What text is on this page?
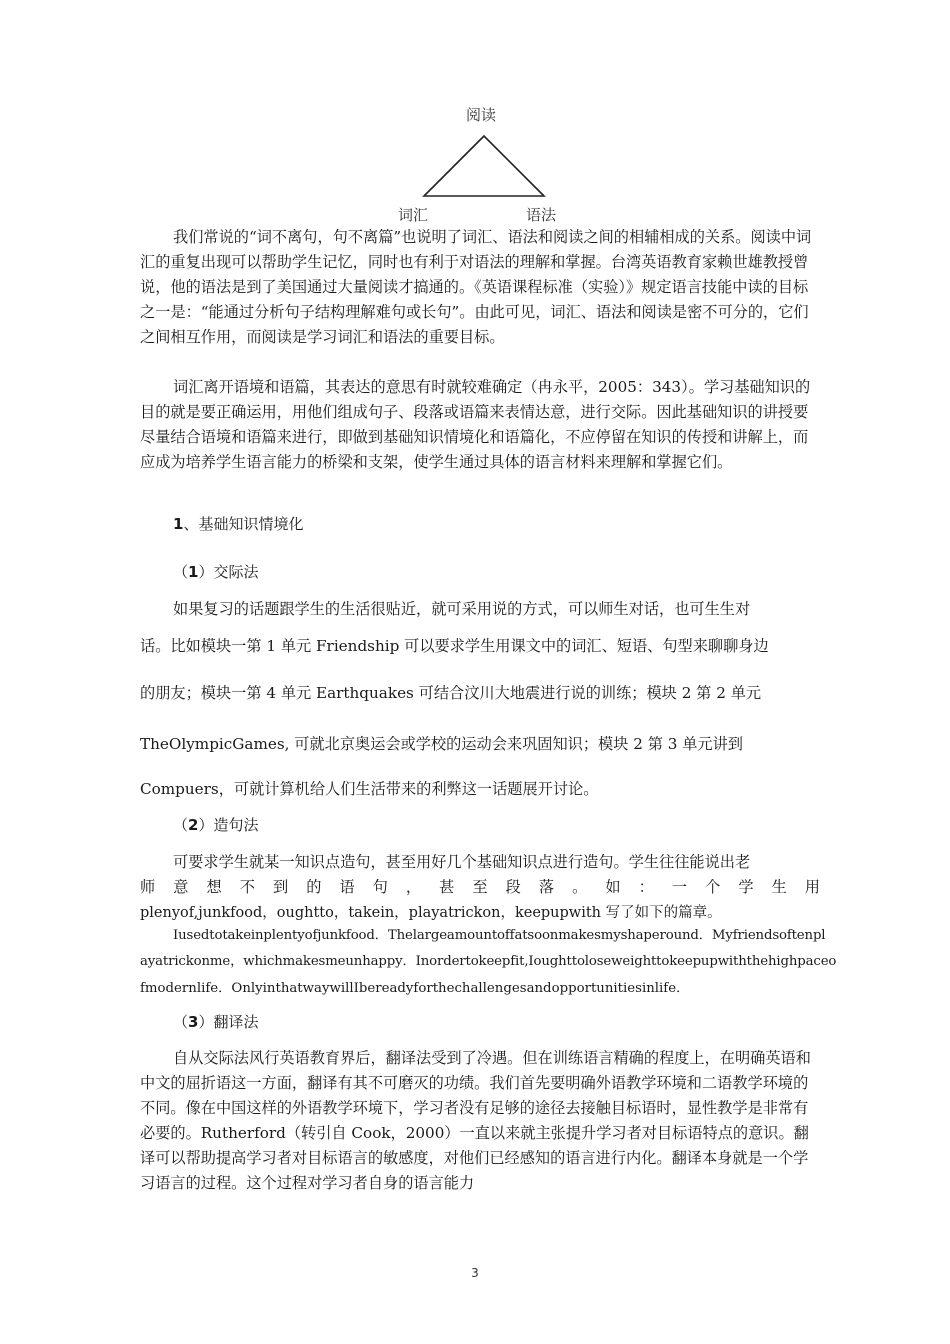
阅读
词汇	语法

我们常说的“词不离句，句不离篇”也说明了词汇、语法和阅读之间的相辅相成的关系。阅读中词汇的重复出现可以帮助学生记忆，同时也有利于对语法的理解和掌握。台湾英语教育家赖世雄教授曾说，他的语法是到了美国通过大量阅读才搞通的。《英语课程标准（实验）》规定语言技能中读的目标之一是：“能通过分析句子结构理解难句或长句”。由此可见，词汇、语法和阅读是密不可分的，它们之间相互作用，而阅读是学习词汇和语法的重要目标。

词汇离开语境和语篇，其表达的意思有时就较难确定（冉永平，2005：343）。学习基础知识的目的就是要正确运用，用他们组成句子、段落或语篇来表情达意，进行交际。因此基础知识的讲授要尽量结合语境和语篇来进行，即做到基础知识情境化和语篇化，不应停留在知识的传授和讲解上，而应成为培养学生语言能力的桥梁和支架，使学生通过具体的语言材料来理解和掌握它们。

1、基础知识情境化

（1）交际法

如果复习的话题跟学生的生活很贴近，就可采用说的方式，可以师生对话，也可生生对

话。比如模块一第 1 单元 Friendship 可以要求学生用课文中的词汇、短语、句型来聊聊身边

的朋友；模块一第 4 单元 Earthquakes 可结合汶川大地震进行说的训练；模块 2 第 2 单元

TheOlympicGames, 可就北京奥运会或学校的运动会来巩固知识；模块 2 第 3 单元讲到

Compuers，可就计算机给人们生活带来的利弊这一话题展开讨论。

（2）造句法

可要求学生就某一知识点造句，甚至用好几个基础知识点进行造句。学生往往能说出老

师 意 想 不 到 的 语 句 ， 甚 至 段 落 。 如 ： 一 个 学 生 用

plenyof,junkfood，oughtto，takein，playatrickon，keepupwith 写了如下的篇章。

Iusedtotakeinplentyofjunkfood．Thelargeamountoffatsoonmakesmyshaperound．Myfriendsoftenpl

ayatrickonme，whichmakesmeunhappy．Inordertokeepfit,Ioughttoloseweighttokeepupwiththehighpaceo

fmodernlife．OnlyinthatwaywillIbereadyforthechallengesandopportunitiesinlife．

（3）翻译法

自从交际法风行英语教育界后，翻译法受到了冷遇。但在训练语言精确的程度上，在明确英语和中文的屈折语这一方面，翻译有其不可磨灭的功绩。我们首先要明确外语教学环境和二语教学环境的不同。像在中国这样的外语教学环境下，学习者没有足够的途径去接触目标语时，显性教学是非常有必要的。Rutherford（转引自 Cook，2000）一直以来就主张提升学习者对目标语特点的意识。翻译可以帮助提高学习者对目标语言的敏感度，对他们已经感知的语言进行内化。翻译本身就是一个学习语言的过程。这个过程对学习者自身的语言能力

3
